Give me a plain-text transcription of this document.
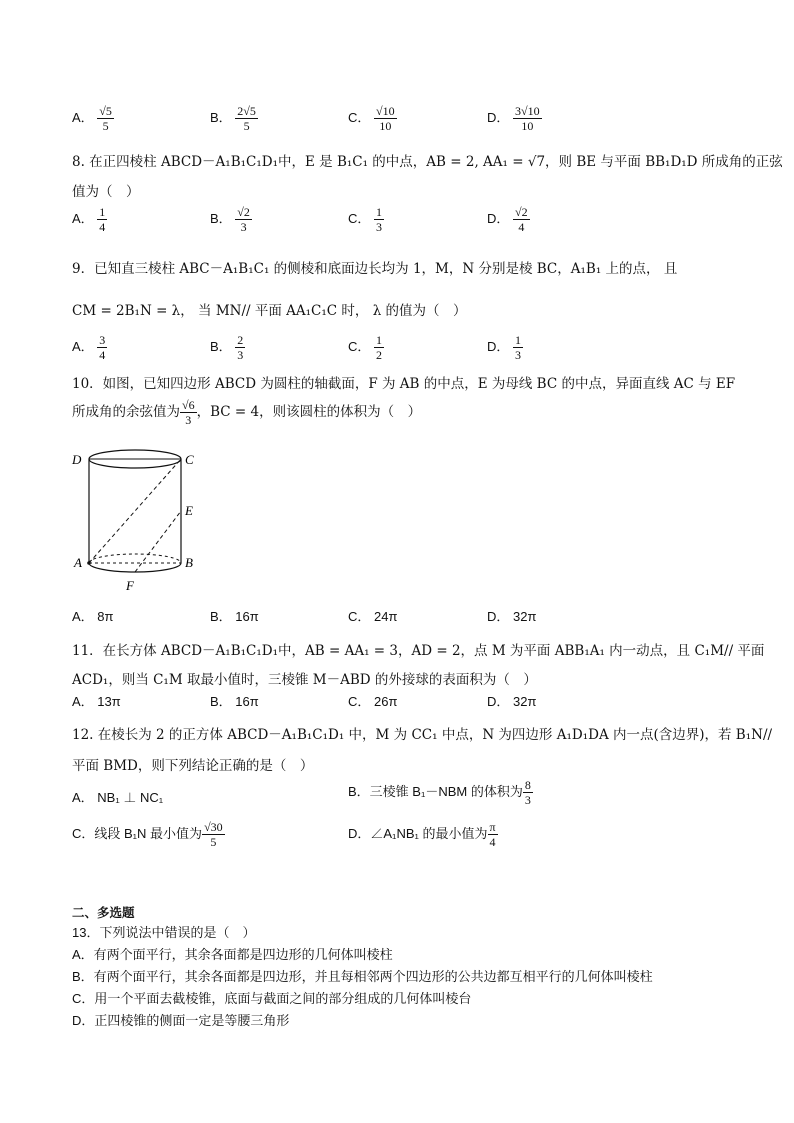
A． $\frac{√5}{5}$	B． $\frac{2√5}{5}$	C． $\frac{√10}{10}$	D． $\frac{3√10}{10}$
8. 在正四棱柱 ABCD－A₁B₁C₁D₁中，E 是 B₁C₁ 的中点，AB = 2, AA₁ = √7，则 BE 与平面 BB₁D₁D 所成角的正弦
值为（　）
A． $\frac{1}{4}$	B． $\frac{√2}{3}$	C． $\frac{1}{3}$	D． $\frac{√2}{4}$
9．已知直三棱柱 ABC－A₁B₁C₁ 的侧棱和底面边长均为 1，M，N 分别是棱 BC，A₁B₁ 上的点， 且
CM = 2B₁N = λ， 当 MN// 平面 AA₁C₁C 时， λ 的值为（　）
A． $\frac{3}{4}$	B． $\frac{2}{3}$	C． $\frac{1}{2}$	D． $\frac{1}{3}$
10．如图，已知四边形 ABCD 为圆柱的轴截面，F 为 AB 的中点，E 为母线 BC 的中点，异面直线 AC 与 EF
所成角的余弦值为 $\frac{√6}{3}$ ，BC = 4，则该圆柱的体积为（　）
D	C
E
A	B
F
A． 8π	B． 16π	C． 24π	D． 32π
11．在长方体 ABCD－A₁B₁C₁D₁中，AB = AA₁ = 3，AD = 2，点 M 为平面 ABB₁A₁ 内一动点，且 C₁M// 平面
ACD₁，则当 C₁M 取最小值时，三棱锥 M－ABD 的外接球的表面积为（　）
A． 13π	B． 16π	C． 26π	D． 32π
12. 在棱长为 2 的正方体 ABCD－A₁B₁C₁D₁ 中，M 为 CC₁ 中点，N 为四边形 A₁D₁DA 内一点(含边界)，若 B₁N//
平面 BMD，则下列结论正确的是（　）
A． NB₁ ⊥ NC₁	B．三棱锥 B₁－NBM 的体积为 $\frac{8}{3}$
C．线段 B₁N 最小值为 $\frac{√30}{5}$	D．∠A₁NB₁ 的最小值为 $\frac{\pi}{4}$
二、多选题
13．下列说法中错误的是（　）
A．有两个面平行，其余各面都是四边形的几何体叫棱柱
B．有两个面平行，其余各面都是四边形，并且每相邻两个四边形的公共边都互相平行的几何体叫棱柱
C．用一个平面去截棱锥，底面与截面之间的部分组成的几何体叫棱台
D．正四棱锥的侧面一定是等腰三角形
